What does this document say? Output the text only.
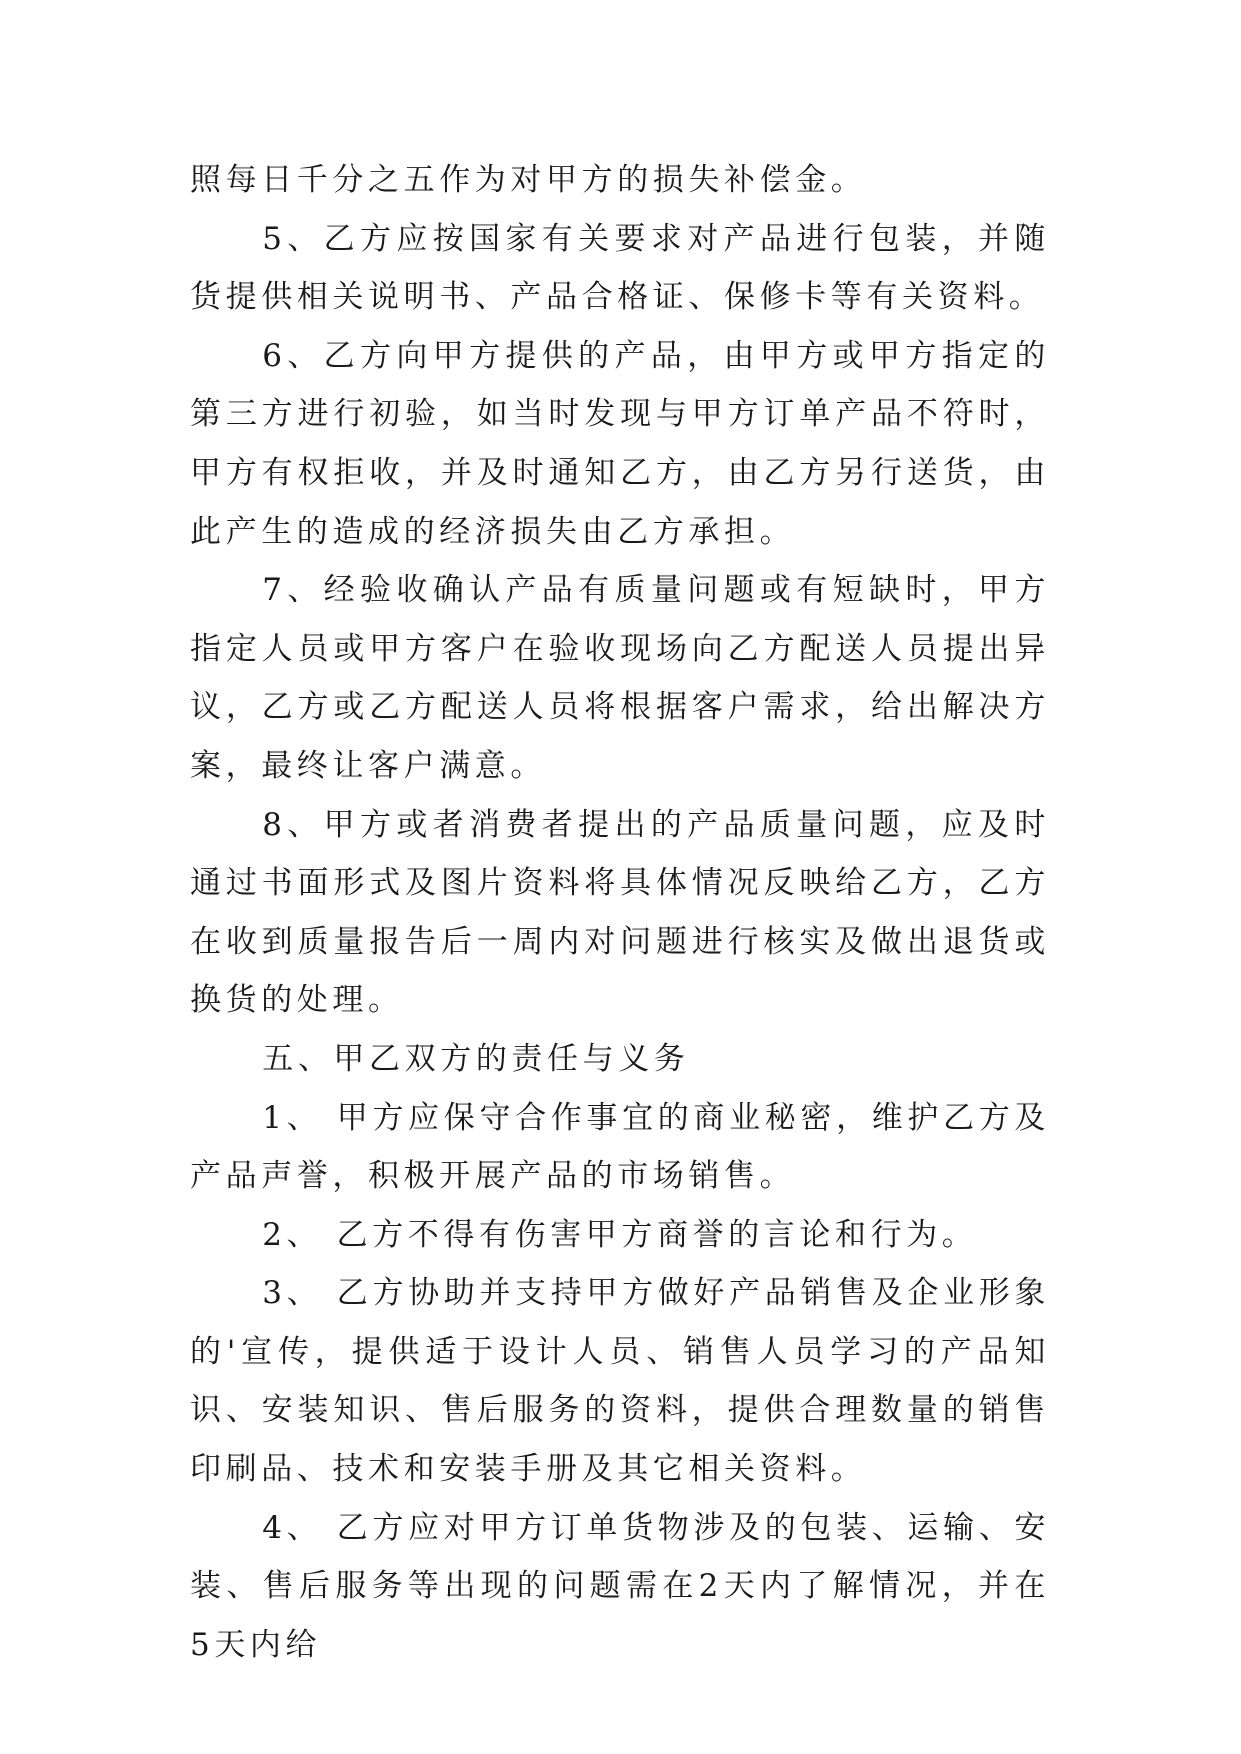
照每日千分之五作为对甲方的损失补偿金。

5、乙方应按国家有关要求对产品进行包装，并随货提供相关说明书、产品合格证、保修卡等有关资料。

6、乙方向甲方提供的产品，由甲方或甲方指定的第三方进行初验，如当时发现与甲方订单产品不符时，甲方有权拒收，并及时通知乙方，由乙方另行送货，由此产生的造成的经济损失由乙方承担。

7、经验收确认产品有质量问题或有短缺时，甲方指定人员或甲方客户在验收现场向乙方配送人员提出异议，乙方或乙方配送人员将根据客户需求，给出解决方案，最终让客户满意。

8、甲方或者消费者提出的产品质量问题，应及时通过书面形式及图片资料将具体情况反映给乙方，乙方在收到质量报告后一周内对问题进行核实及做出退货或换货的处理。

五、甲乙双方的责任与义务

1、 甲方应保守合作事宜的商业秘密，维护乙方及产品声誉，积极开展产品的市场销售。

2、 乙方不得有伤害甲方商誉的言论和行为。

3、 乙方协助并支持甲方做好产品销售及企业形象的'宣传，提供适于设计人员、销售人员学习的产品知识、安装知识、售后服务的资料，提供合理数量的销售印刷品、技术和安装手册及其它相关资料。

4、 乙方应对甲方订单货物涉及的包装、运输、安装、售后服务等出现的问题需在2天内了解情况，并在5天内给
